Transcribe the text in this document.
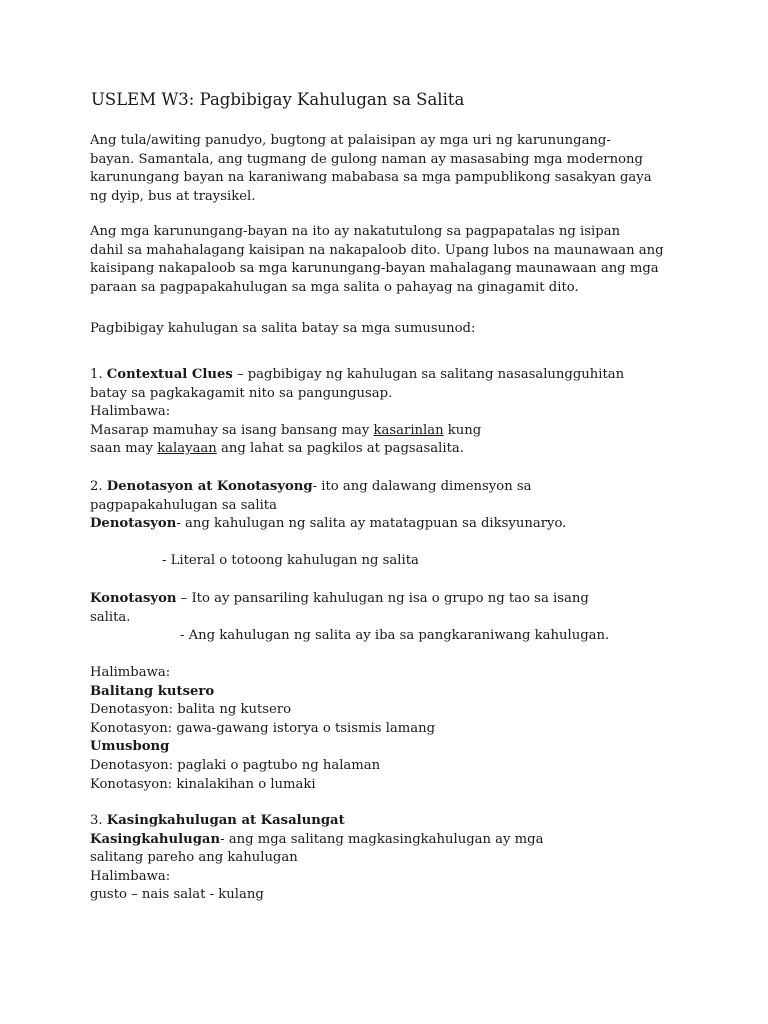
USLEM W3: Pagbibigay Kahulugan sa Salita
Ang tula/awiting panudyo, bugtong at palaisipan ay mga uri ng karunungang-
bayan. Samantala, ang tugmang de gulong naman ay masasabing mga modernong
karunungang bayan na karaniwang mababasa sa mga pampublikong sasakyan gaya
ng dyip, bus at traysikel.
Ang mga karunungang-bayan na ito ay nakatutulong sa pagpapatalas ng isipan
dahil sa mahahalagang kaisipan na nakapaloob dito. Upang lubos na maunawaan ang
kaisipang nakapaloob sa mga karunungang-bayan mahalagang maunawaan ang mga
paraan sa pagpapakahulugan sa mga salita o pahayag na ginagamit dito.
Pagbibigay kahulugan sa salita batay sa mga sumusunod:
1. Contextual Clues – pagbibigay ng kahulugan sa salitang nasasalungguhitan
batay sa pagkakagamit nito sa pangungusap.
Halimbawa:
Masarap mamuhay sa isang bansang may kasarinlan kung
saan may kalayaan ang lahat sa pagkilos at pagsasalita.
2. Denotasyon at Konotasyong- ito ang dalawang dimensyon sa
pagpapakahulugan sa salita
Denotasyon- ang kahulugan ng salita ay matatagpuan sa diksyunaryo.
- Literal o totoong kahulugan ng salita
Konotasyon – Ito ay pansariling kahulugan ng isa o grupo ng tao sa isang
salita.
- Ang kahulugan ng salita ay iba sa pangkaraniwang kahulugan.
Halimbawa:
Balitang kutsero
Denotasyon: balita ng kutsero
Konotasyon: gawa-gawang istorya o tsismis lamang
Umusbong
Denotasyon: paglaki o pagtubo ng halaman
Konotasyon: kinalakihan o lumaki
3. Kasingkahulugan at Kasalungat
Kasingkahulugan- ang mga salitang magkasingkahulugan ay mga
salitang pareho ang kahulugan
Halimbawa:
gusto – nais salat - kulang
